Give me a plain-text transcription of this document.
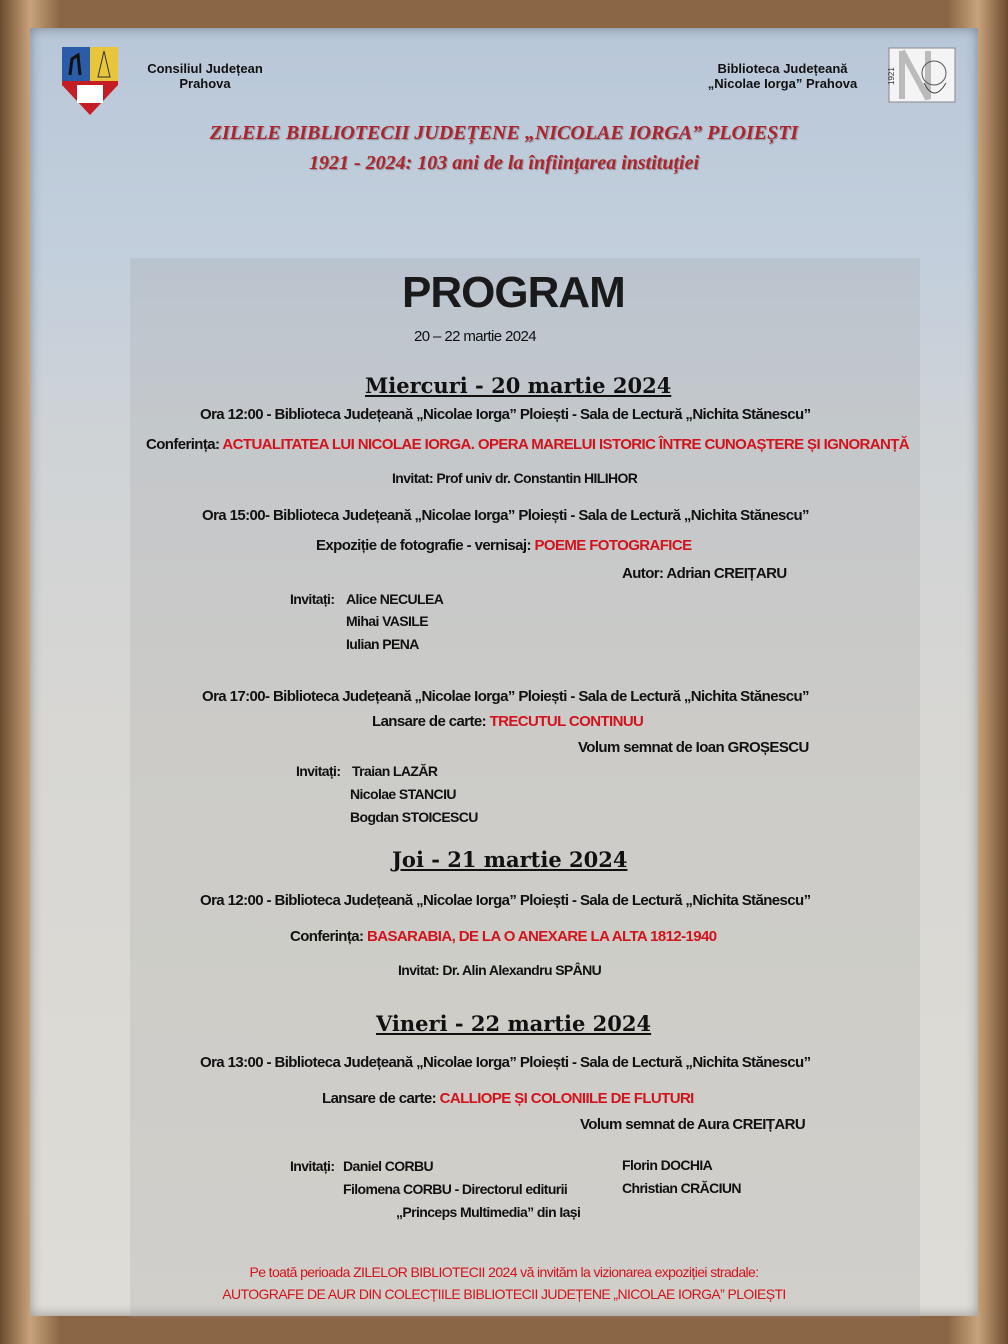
Consiliul Județean
Prahova
Biblioteca Județeană
„Nicolae Iorga” Prahova	1921
ZILELE BIBLIOTECII JUDEȚENE „NICOLAE IORGA” PLOIEȘTI
1921 - 2024: 103 ani de la înființarea instituției
PROGRAM
20 – 22 martie 2024
Miercuri - 20 martie 2024
Ora 12:00 - Biblioteca Județeană „Nicolae Iorga” Ploiești - Sala de Lectură „Nichita Stănescu”
Conferința: ACTUALITATEA LUI NICOLAE IORGA. OPERA MARELUI ISTORIC ÎNTRE CUNOAȘTERE ȘI IGNORANȚĂ
Invitat: Prof univ dr. Constantin HILIHOR
Ora 15:00- Biblioteca Județeană „Nicolae Iorga” Ploiești - Sala de Lectură „Nichita Stănescu”
Expoziție de fotografie - vernisaj: POEME FOTOGRAFICE
Autor: Adrian CREIȚARU
Invitați: Alice NECULEA
Mihai VASILE
Iulian PENA
Ora 17:00- Biblioteca Județeană „Nicolae Iorga” Ploiești - Sala de Lectură „Nichita Stănescu”
Lansare de carte: TRECUTUL CONTINUU
Volum semnat de Ioan GROȘESCU
Invitați: Traian LAZĂR
Nicolae STANCIU
Bogdan STOICESCU
Joi - 21 martie 2024
Ora 12:00 - Biblioteca Județeană „Nicolae Iorga” Ploiești - Sala de Lectură „Nichita Stănescu”
Conferința: BASARABIA, DE LA O ANEXARE LA ALTA 1812-1940
Invitat: Dr. Alin Alexandru SPÂNU
Vineri - 22 martie 2024
Ora 13:00 - Biblioteca Județeană „Nicolae Iorga” Ploiești - Sala de Lectură „Nichita Stănescu”
Lansare de carte: CALLIOPE ȘI COLONIILE DE FLUTURI
Volum semnat de Aura CREIȚARU
Invitați: Daniel CORBU
Filomena CORBU - Directorul editurii
„Princeps Multimedia” din Iași
Florin DOCHIA
Christian CRĂCIUN
Pe toată perioada ZILELOR BIBLIOTECII 2024 vă invităm la vizionarea expoziției stradale:
AUTOGRAFE DE AUR DIN COLECȚIILE BIBLIOTECII JUDEȚENE „NICOLAE IORGA” PLOIEȘTI
